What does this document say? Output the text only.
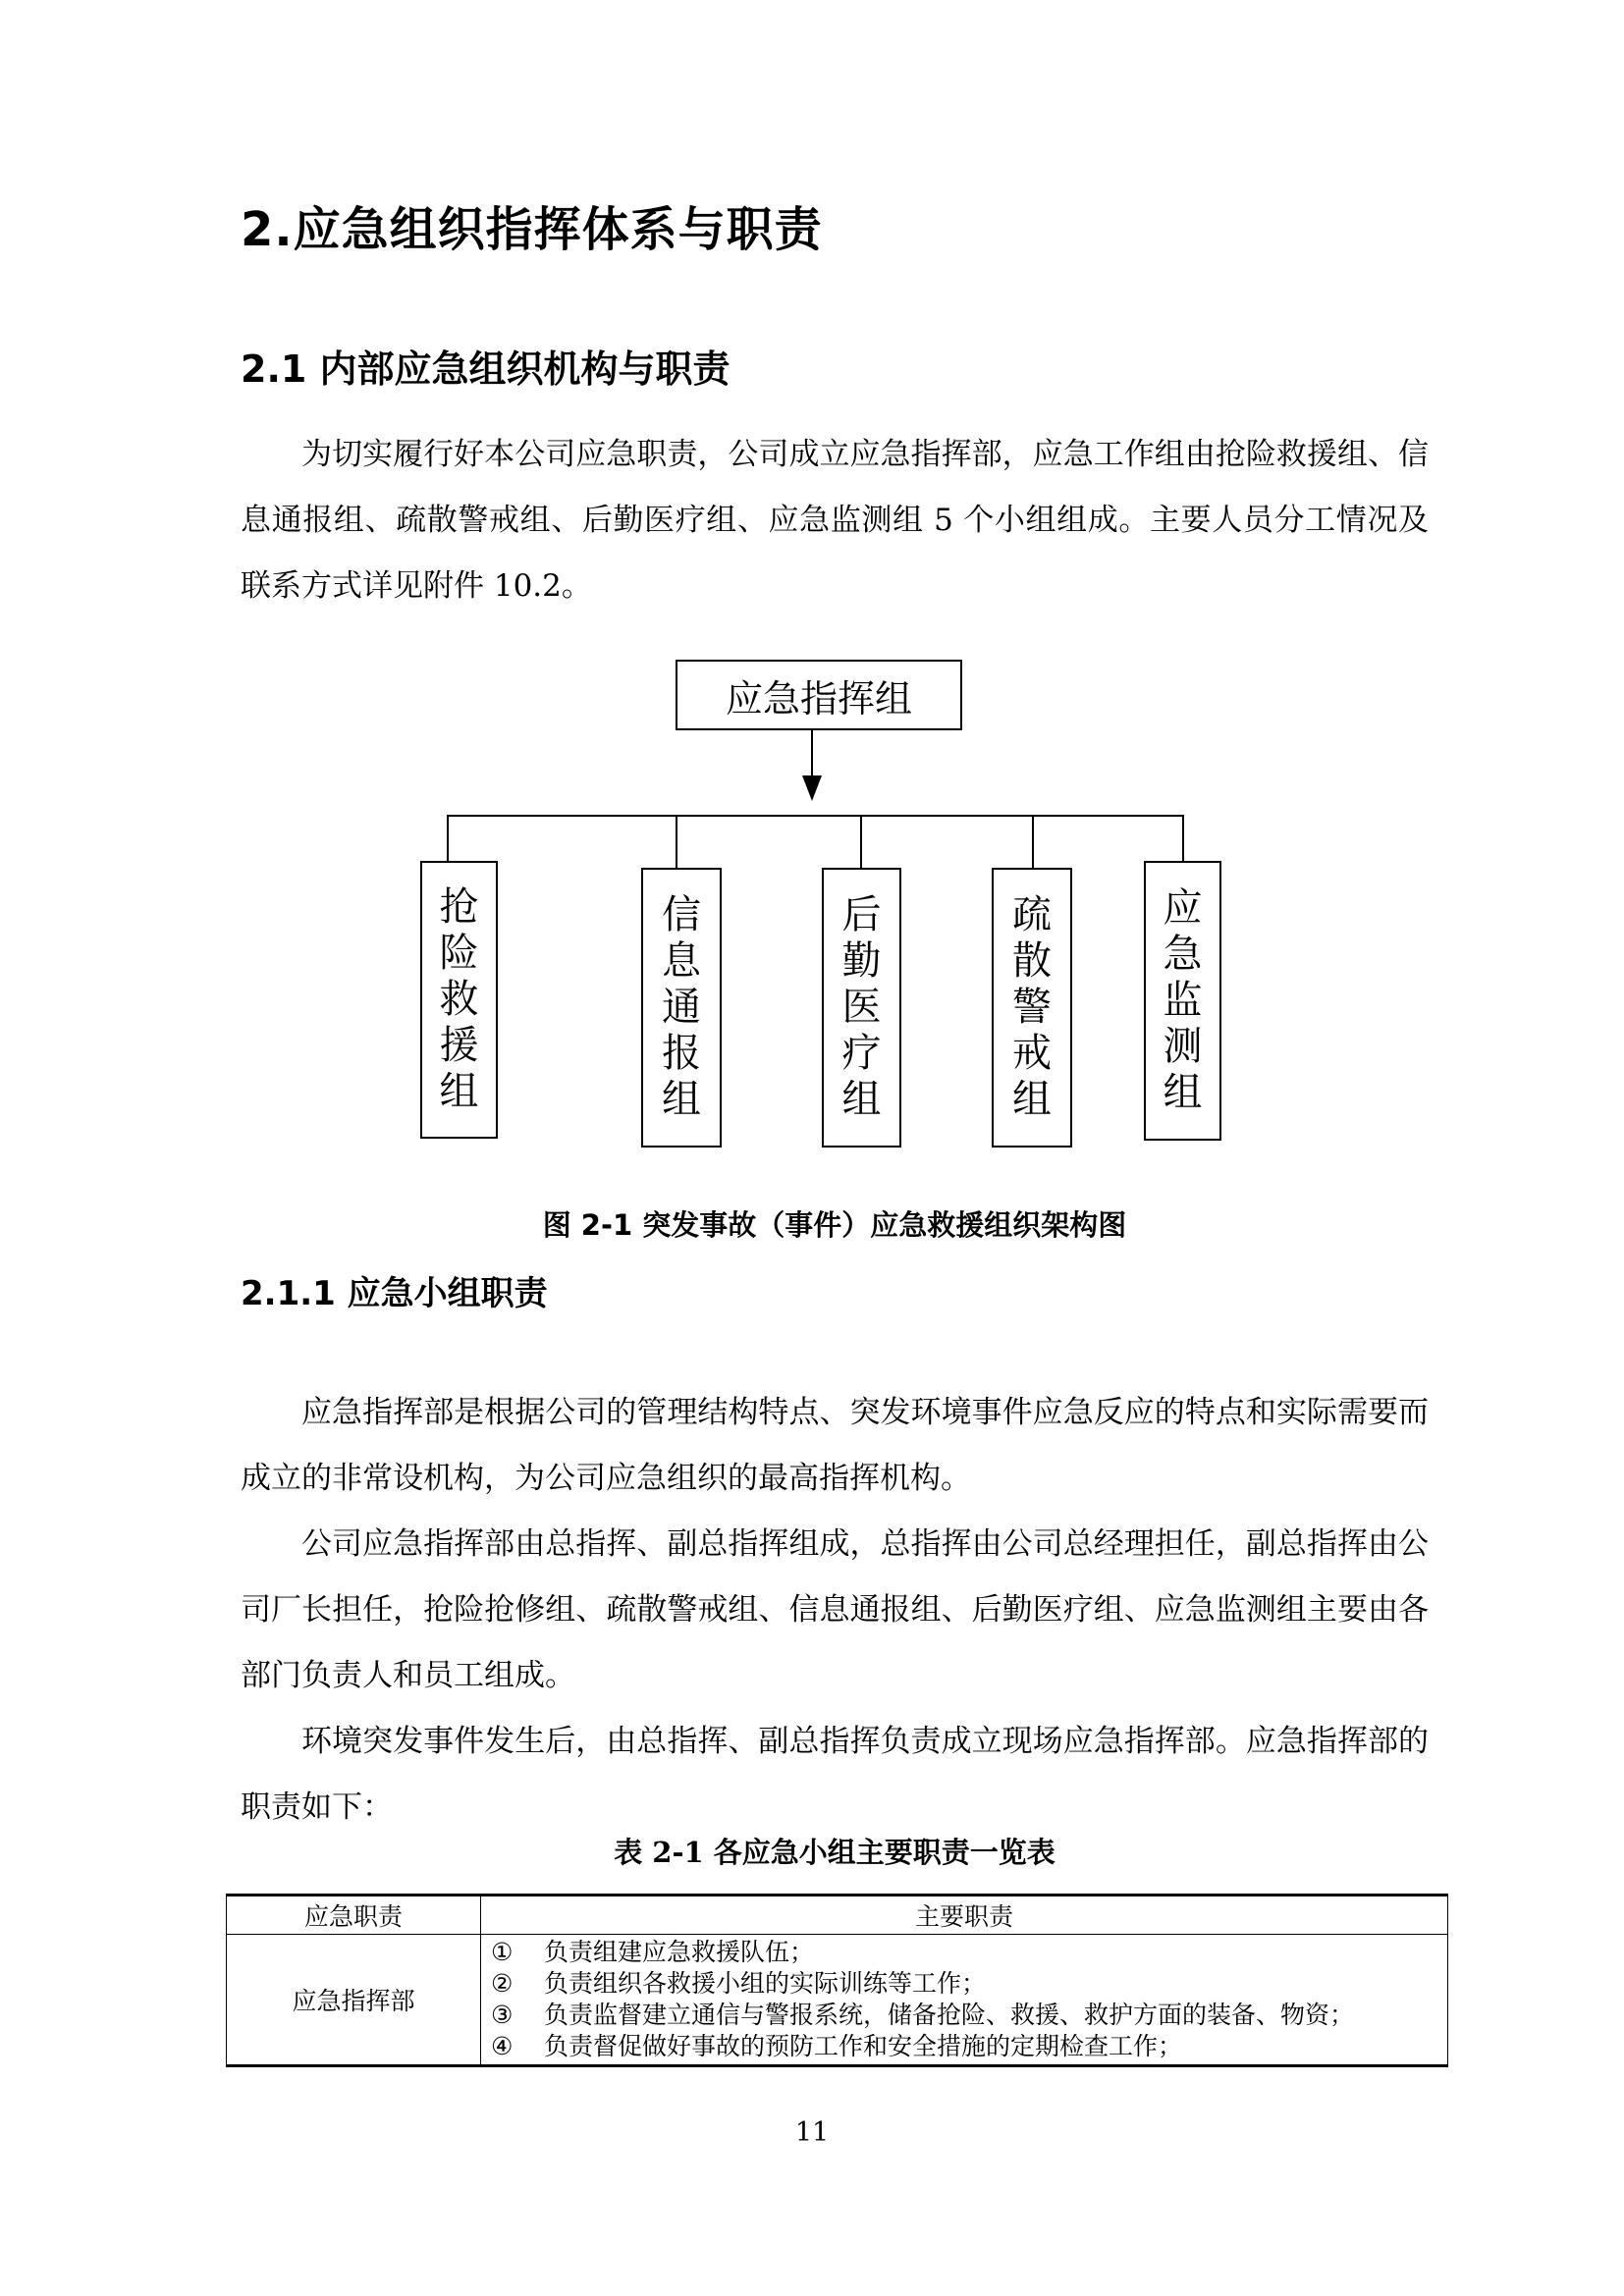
2.应急组织指挥体系与职责
2.1 内部应急组织机构与职责

为切实履行好本公司应急职责，公司成立应急指挥部，应急工作组由抢险救援组、信息通报组、疏散警戒组、后勤医疗组、应急监测组 5 个小组组成。主要人员分工情况及联系方式详见附件 10.2。

应急指挥组
抢
险
救
援
组
信
息
通
报
组
后
勤
医
疗
组
疏
散
警
戒
组
应
急
监
测
组

图 2-1 突发事故（事件）应急救援组织架构图

2.1.1 应急小组职责

应急指挥部是根据公司的管理结构特点、突发环境事件应急反应的特点和实际需要而成立的非常设机构，为公司应急组织的最高指挥机构。

公司应急指挥部由总指挥、副总指挥组成，总指挥由公司总经理担任，副总指挥由公司厂长担任，抢险抢修组、疏散警戒组、信息通报组、后勤医疗组、应急监测组主要由各部门负责人和员工组成。

环境突发事件发生后，由总指挥、副总指挥负责成立现场应急指挥部。应急指挥部的职责如下：

表 2-1 各应急小组主要职责一览表

应急职责	主要职责
应急指挥部	① 负责组建应急救援队伍；
② 负责组织各救援小组的实际训练等工作；
③ 负责监督建立通信与警报系统，储备抢险、救援、救护方面的装备、物资；
④ 负责督促做好事故的预防工作和安全措施的定期检查工作；
11
